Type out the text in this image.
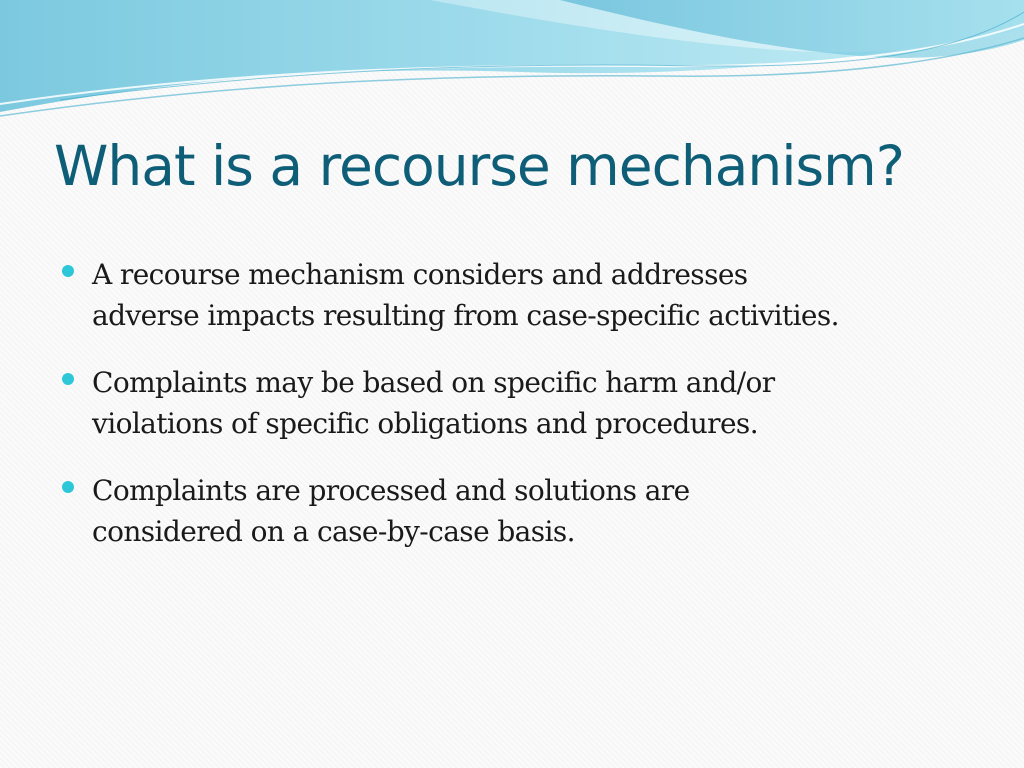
What is a recourse mechanism?
A recourse mechanism considers and addresses
adverse impacts resulting from case-specific activities.
Complaints may be based on specific harm and/or
violations of specific obligations and procedures.
Complaints are processed and solutions are
considered on a case-by-case basis.
